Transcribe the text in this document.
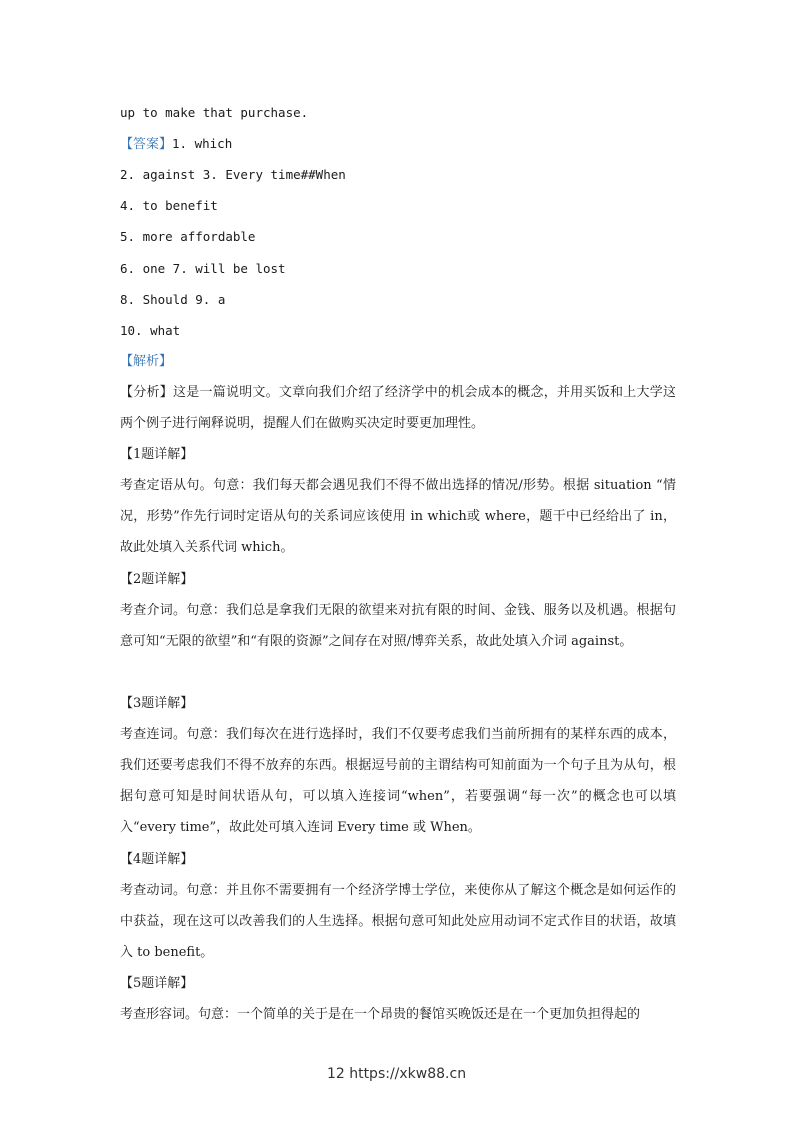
up to make that purchase.
【答案】1. which
2. against 3. Every time##When
4. to benefit
5. more affordable
6. one 7. will be lost
8. Should 9. a
10. what
【解析】
【分析】这是一篇说明文。文章向我们介绍了经济学中的机会成本的概念，并用买饭和上大学这两个例子进行阐释说明，提醒人们在做购买决定时要更加理性。
【1题详解】
考查定语从句。句意：我们每天都会遇见我们不得不做出选择的情况/形势。根据 situation “情况，形势”作先行词时定语从句的关系词应该使用 in which或 where，题干中已经给出了 in，故此处填入关系代词 which。
【2题详解】
考查介词。句意：我们总是拿我们无限的欲望来对抗有限的时间、金钱、服务以及机遇。根据句意可知“无限的欲望”和“有限的资源”之间存在对照/博弈关系，故此处填入介词 against。
【3题详解】
考查连词。句意：我们每次在进行选择时，我们不仅要考虑我们当前所拥有的某样东西的成本，我们还要考虑我们不得不放弃的东西。根据逗号前的主谓结构可知前面为一个句子且为从句，根据句意可知是时间状语从句，可以填入连接词“when”，若要强调“每一次”的概念也可以填入“every time”，故此处可填入连词 Every time 或 When。
【4题详解】
考查动词。句意：并且你不需要拥有一个经济学博士学位，来使你从了解这个概念是如何运作的中获益，现在这可以改善我们的人生选择。根据句意可知此处应用动词不定式作目的状语，故填入 to benefit。
【5题详解】
考查形容词。句意：一个简单的关于是在一个昂贵的餐馆买晚饭还是在一个更加负担得起的
12 https://xkw88.cn
